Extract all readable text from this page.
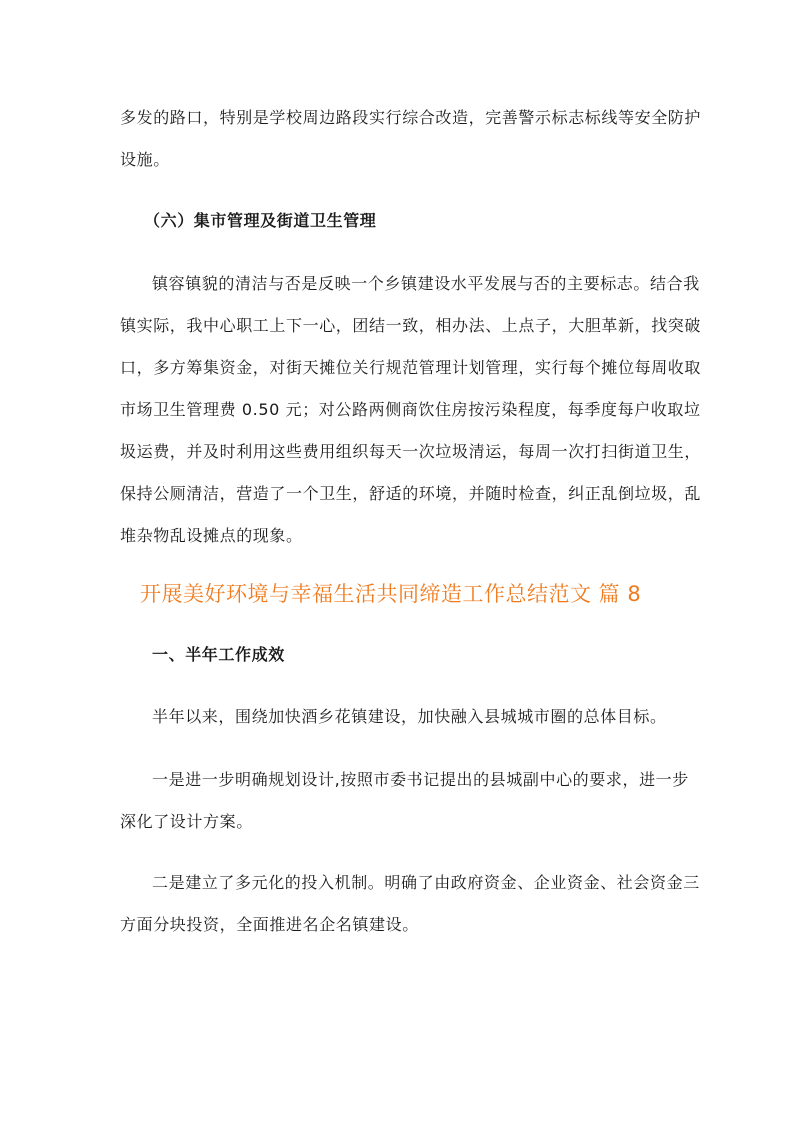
多发的路口，特别是学校周边路段实行综合改造，完善警示标志标线等安全防护
设施。
（六）集市管理及街道卫生管理
镇容镇貌的清洁与否是反映一个乡镇建设水平发展与否的主要标志。结合我
镇实际，我中心职工上下一心，团结一致，相办法、上点子，大胆革新，找突破
口，多方筹集资金，对街天摊位关行规范管理计划管理，实行每个摊位每周收取
市场卫生管理费 0.50 元；对公路两侧商饮住房按污染程度，每季度每户收取垃
圾运费，并及时利用这些费用组织每天一次垃圾清运，每周一次打扫街道卫生，
保持公厕清洁，营造了一个卫生，舒适的环境，并随时检查，纠正乱倒垃圾，乱
堆杂物乱设摊点的现象。
开展美好环境与幸福生活共同缔造工作总结范文 篇 8
一、半年工作成效
半年以来，围绕加快酒乡花镇建设，加快融入县城城市圈的总体目标。
一是进一步明确规划设计,按照市委书记提出的县城副中心的要求，进一步
深化了设计方案。
二是建立了多元化的投入机制。明确了由政府资金、企业资金、社会资金三
方面分块投资，全面推进名企名镇建设。
